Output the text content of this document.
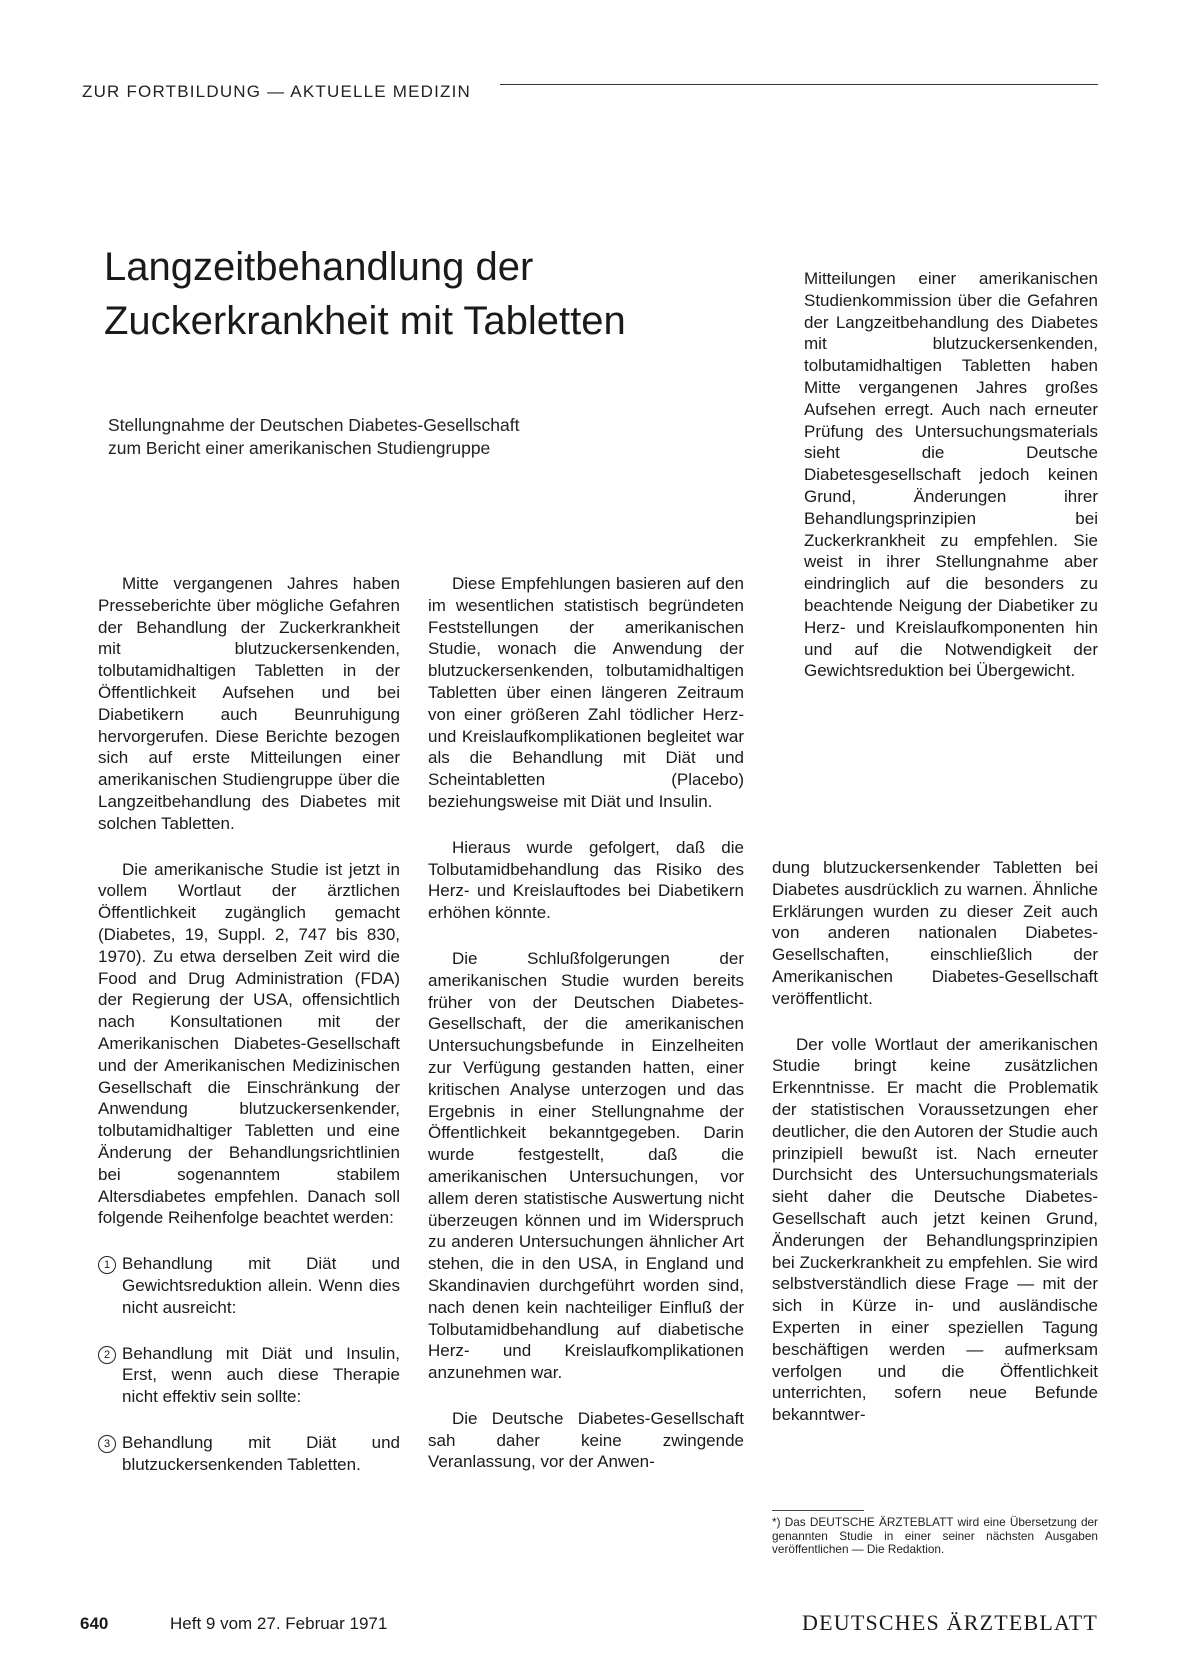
ZUR FORTBILDUNG — AKTUELLE MEDIZIN
Langzeitbehandlung der
Zuckerkrankheit mit Tabletten
Stellungnahme der Deutschen Diabetes-Gesellschaft
zum Bericht einer amerikanischen Studiengruppe

Mitte vergangenen Jahres haben Presseberichte über mögliche Gefahren der Behandlung der Zuckerkrankheit mit blutzuckersenkenden, tolbutamidhaltigen Tabletten in der Öffentlichkeit Aufsehen und bei Diabetikern auch Beunruhigung hervorgerufen. Diese Berichte bezogen sich auf erste Mitteilungen einer amerikanischen Studiengruppe über die Langzeitbehandlung des Diabetes mit solchen Tabletten.

Die amerikanische Studie ist jetzt in vollem Wortlaut der ärztlichen Öffentlichkeit zugänglich gemacht (Diabetes, 19, Suppl. 2, 747 bis 830, 1970). Zu etwa derselben Zeit wird die Food and Drug Administration (FDA) der Regierung der USA, offensichtlich nach Konsultationen mit der Amerikanischen Diabetes-Gesellschaft und der Amerikanischen Medizinischen Gesellschaft die Einschränkung der Anwendung blutzuckersenkender, tolbutamidhaltiger Tabletten und eine Änderung der Behandlungsrichtlinien bei sogenanntem stabilem Altersdiabetes empfehlen. Danach soll folgende Reihenfolge beachtet werden:

1 Behandlung mit Diät und Gewichtsreduktion allein. Wenn dies nicht ausreicht:
2 Behandlung mit Diät und Insulin, Erst, wenn auch diese Therapie nicht effektiv sein sollte:
3 Behandlung mit Diät und blutzuckersenkenden Tabletten.

Diese Empfehlungen basieren auf den im wesentlichen statistisch begründeten Feststellungen der amerikanischen Studie, wonach die Anwendung der blutzuckersenkenden, tolbutamidhaltigen Tabletten über einen längeren Zeitraum von einer größeren Zahl tödlicher Herz- und Kreislaufkomplikationen begleitet war als die Behandlung mit Diät und Scheintabletten (Placebo) beziehungsweise mit Diät und Insulin.

Hieraus wurde gefolgert, daß die Tolbutamidbehandlung das Risiko des Herz- und Kreislauftodes bei Diabetikern erhöhen könnte.

Die Schlußfolgerungen der amerikanischen Studie wurden bereits früher von der Deutschen Diabetes-Gesellschaft, der die amerikanischen Untersuchungsbefunde in Einzelheiten zur Verfügung gestanden hatten, einer kritischen Analyse unterzogen und das Ergebnis in einer Stellungnahme der Öffentlichkeit bekanntgegeben. Darin wurde festgestellt, daß die amerikanischen Untersuchungen, vor allem deren statistische Auswertung nicht überzeugen können und im Widerspruch zu anderen Untersuchungen ähnlicher Art stehen, die in den USA, in England und Skandinavien durchgeführt worden sind, nach denen kein nachteiliger Einfluß der Tolbutamidbehandlung auf diabetische Herz- und Kreislaufkomplikationen anzunehmen war.

Die Deutsche Diabetes-Gesellschaft sah daher keine zwingende Veranlassung, vor der Anwen-

Mitteilungen einer amerikanischen Studienkommission über die Gefahren der Langzeitbehandlung des Diabetes mit blutzuckersenkenden, tolbutamidhaltigen Tabletten haben Mitte vergangenen Jahres großes Aufsehen erregt. Auch nach erneuter Prüfung des Untersuchungsmaterials sieht die Deutsche Diabetesgesellschaft jedoch keinen Grund, Änderungen ihrer Behandlungsprinzipien bei Zuckerkrankheit zu empfehlen. Sie weist in ihrer Stellungnahme aber eindringlich auf die besonders zu beachtende Neigung der Diabetiker zu Herz- und Kreislaufkomponenten hin und auf die Notwendigkeit der Gewichtsreduktion bei Übergewicht.

dung blutzuckersenkender Tabletten bei Diabetes ausdrücklich zu warnen. Ähnliche Erklärungen wurden zu dieser Zeit auch von anderen nationalen Diabetes-Gesellschaften, einschließlich der Amerikanischen Diabetes-Gesellschaft veröffentlicht.

Der volle Wortlaut der amerikanischen Studie bringt keine zusätzlichen Erkenntnisse. Er macht die Problematik der statistischen Voraussetzungen eher deutlicher, die den Autoren der Studie auch prinzipiell bewußt ist. Nach erneuter Durchsicht des Untersuchungsmaterials sieht daher die Deutsche Diabetes-Gesellschaft auch jetzt keinen Grund, Änderungen der Behandlungsprinzipien bei Zuckerkrankheit zu empfehlen. Sie wird selbstverständlich diese Frage — mit der sich in Kürze in- und ausländische Experten in einer speziellen Tagung beschäftigen werden — aufmerksam verfolgen und die Öffentlichkeit unterrichten, sofern neue Befunde bekanntwer-

*) Das DEUTSCHE ÄRZTEBLATT wird eine Übersetzung der genannten Studie in einer seiner nächsten Ausgaben veröffentlichen — Die Redaktion.
640	Heft 9 vom 27. Februar 1971	DEUTSCHES ÄRZTEBLATT
